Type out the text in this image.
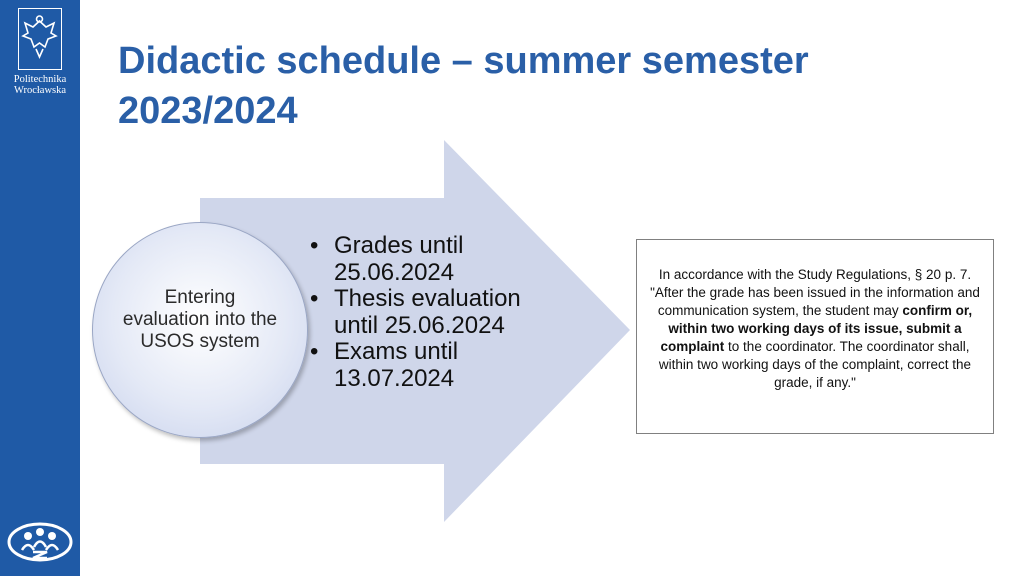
Politechnika
Wrocławska
Didactic schedule – summer semester
2023/2024
Entering evaluation into the USOS system
• Grades until 25.06.2024
• Thesis evaluation until 25.06.2024
• Exams until 13.07.2024
In accordance with the Study Regulations, § 20 p. 7.
"After the grade has been issued in the information and communication system, the student may confirm or, within two working days of its issue, submit a complaint to the coordinator. The coordinator shall, within two working days of the complaint, correct the grade, if any."
